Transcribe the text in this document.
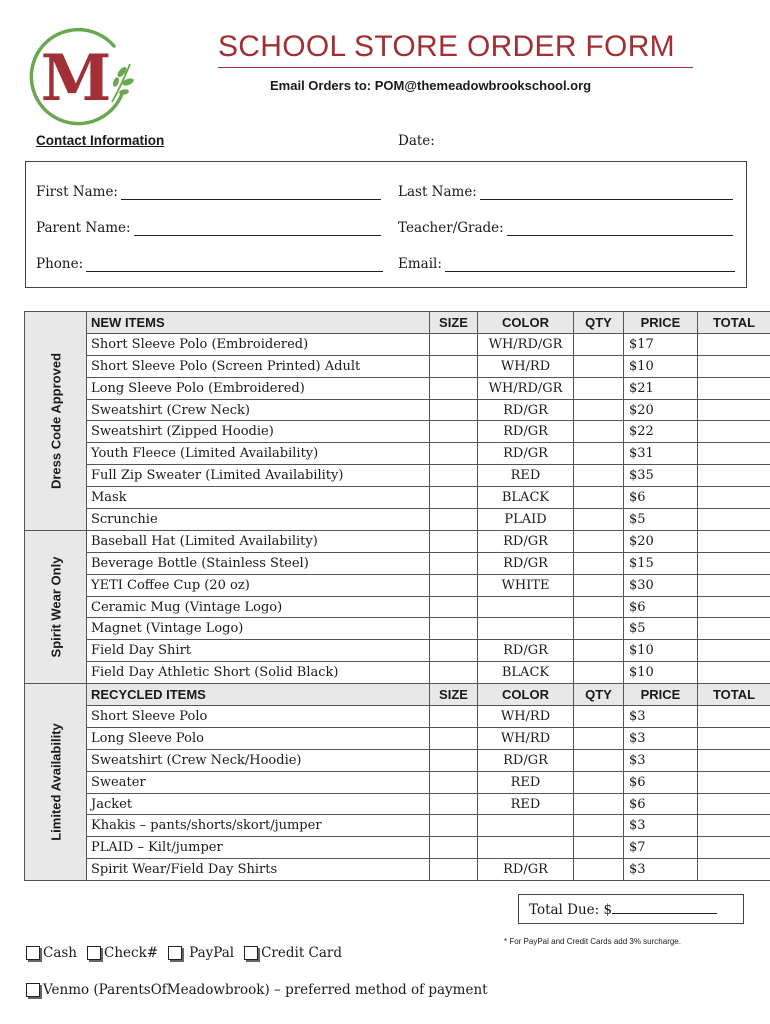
M	SCHOOL STORE ORDER FORM
Email Orders to: POM@themeadowbrookschool.org
Contact Information	Date:
First Name:	Last Name:
Parent Name:	Teacher/Grade:
Phone:	Email:
Dress Code Approved	NEW ITEMS	SIZE	COLOR	QTY	PRICE	TOTAL
	Short Sleeve Polo (Embroidered)		WH/RD/GR		$17	
	Short Sleeve Polo (Screen Printed) Adult		WH/RD		$10	
	Long Sleeve Polo (Embroidered)		WH/RD/GR		$21	
	Sweatshirt (Crew Neck)		RD/GR		$20	
	Sweatshirt (Zipped Hoodie)		RD/GR		$22	
	Youth Fleece (Limited Availability)		RD/GR		$31	
	Full Zip Sweater (Limited Availability)		RED		$35	
	Mask		BLACK		$6	
	Scrunchie		PLAID		$5	

Spirit Wear Only	Baseball Hat (Limited Availability)		RD/GR		$20	
	Beverage Bottle (Stainless Steel)		RD/GR		$15	
	YETI Coffee Cup (20 oz)		WHITE		$30	
	Ceramic Mug (Vintage Logo)				$6	
	Magnet (Vintage Logo)				$5	
	Field Day Shirt		RD/GR		$10	
	Field Day Athletic Short (Solid Black)		BLACK		$10	

Limited Availability	RECYCLED ITEMS	SIZE	COLOR	QTY	PRICE	TOTAL
	Short Sleeve Polo		WH/RD		$3	
	Long Sleeve Polo		WH/RD		$3	
	Sweatshirt (Crew Neck/Hoodie)		RD/GR		$3	
	Sweater		RED		$6	
	Jacket		RED		$6	
	Khakis – pants/shorts/skort/jumper				$3	
	PLAID – Kilt/jumper				$7	
	Spirit Wear/Field Day Shirts		RD/GR		$3	
Total Due: $
* For PayPal and Credit Cards add 3% surcharge.
Cash Check# PayPal Credit Card
Venmo (ParentsOfMeadowbrook) – preferred method of payment
